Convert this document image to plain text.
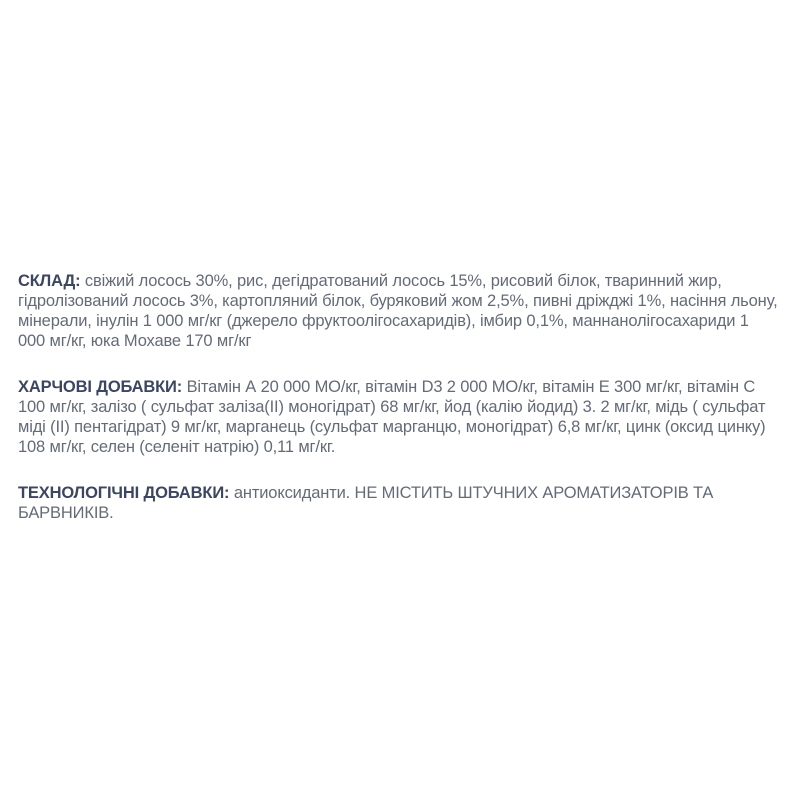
СКЛАД: свіжий лосось 30%, рис, дегідратований лосось 15%, рисовий білок, тваринний жир, гідролізований лосось 3%, картопляний білок, буряковий жом 2,5%, пивні дріжджі 1%, насіння льону, мінерали, інулін 1 000 мг/кг (джерело фруктоолігосахаридів), імбир 0,1%, маннанолігосахариди 1 000 мг/кг, юка Мохаве 170 мг/кг

ХАРЧОВІ ДОБАВКИ: Вітамін А 20 000 МО/кг, вітамін D3 2 000 МО/кг, вітамін Е 300 мг/кг, вітамін С 100 мг/кг, залізо ( сульфат заліза(II) моногідрат) 68 мг/кг, йод (калію йодид) 3. 2 мг/кг, мідь ( сульфат міді (II) пентагідрат) 9 мг/кг, марганець (сульфат марганцю, моногідрат) 6,8 мг/кг, цинк (оксид цинку) 108 мг/кг, селен (селеніт натрію) 0,11 мг/кг.

ТЕХНОЛОГІЧНІ ДОБАВКИ: антиоксиданти. НЕ МІСТИТЬ ШТУЧНИХ АРОМАТИЗАТОРІВ ТА БАРВНИКІВ.
